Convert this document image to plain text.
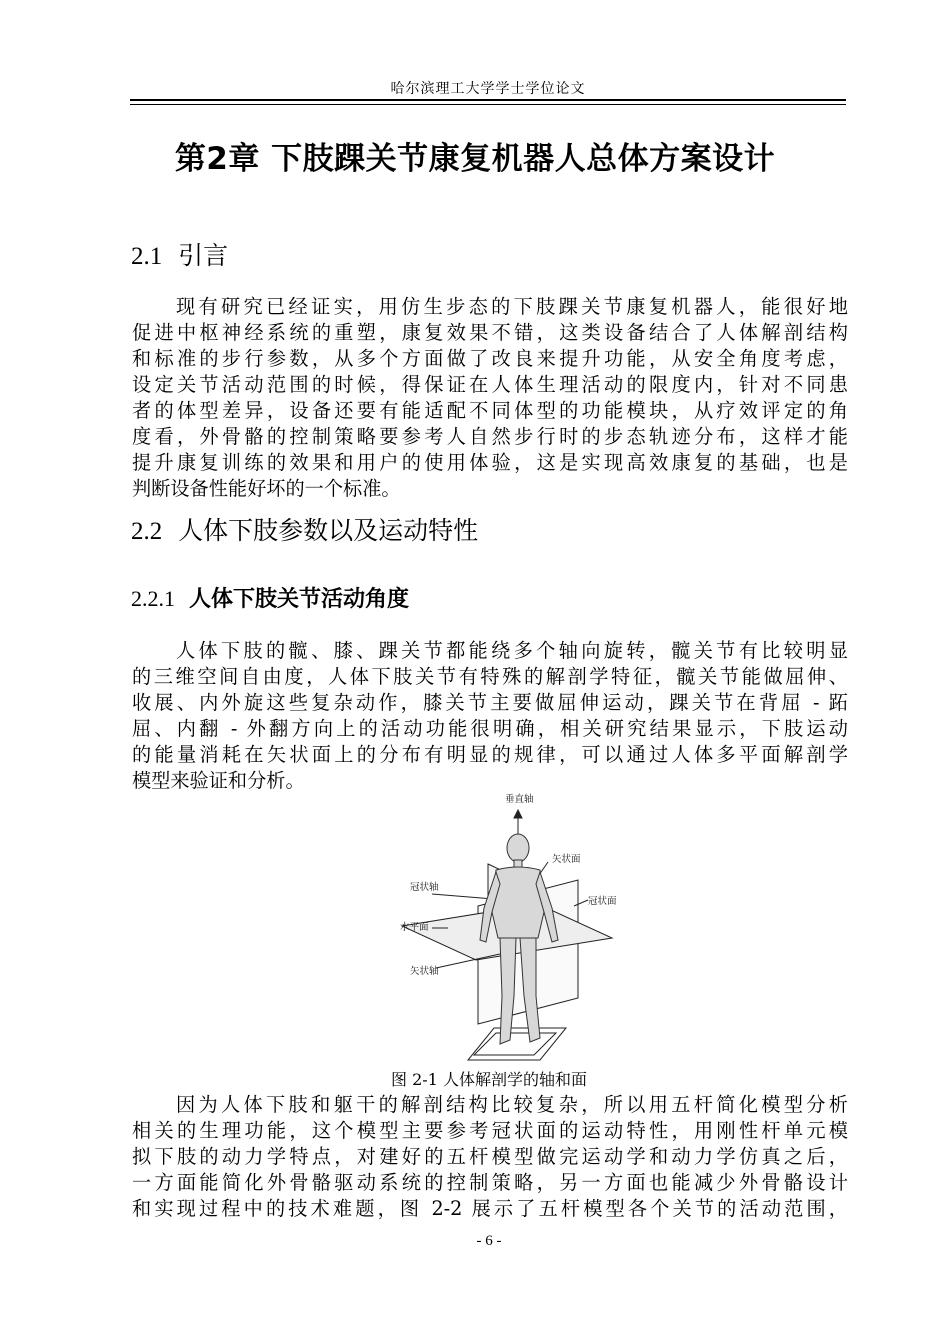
哈尔滨理工大学学士学位论文
第2章 下肢踝关节康复机器人总体方案设计
2.1 引言
现有研究已经证实，用仿生步态的下肢踝关节康复机器人，能很好地
促进中枢神经系统的重塑，康复效果不错，这类设备结合了人体解剖结构
和标准的步行参数，从多个方面做了改良来提升功能，从安全角度考虑，
设定关节活动范围的时候，得保证在人体生理活动的限度内，针对不同患
者的体型差异，设备还要有能适配不同体型的功能模块，从疗效评定的角
度看，外骨骼的控制策略要参考人自然步行时的步态轨迹分布，这样才能
提升康复训练的效果和用户的使用体验，这是实现高效康复的基础，也是
判断设备性能好坏的一个标准。
2.2 人体下肢参数以及运动特性
2.2.1 人体下肢关节活动角度
人体下肢的髋、膝、踝关节都能绕多个轴向旋转，髋关节有比较明显
的三维空间自由度，人体下肢关节有特殊的解剖学特征，髋关节能做屈伸、
收展、内外旋这些复杂动作，膝关节主要做屈伸运动，踝关节在背屈 - 跖
屈、内翻 - 外翻方向上的活动功能很明确，相关研究结果显示，下肢运动
的能量消耗在矢状面上的分布有明显的规律，可以通过人体多平面解剖学
模型来验证和分析。
垂直轴
矢状面
冠状轴
冠状面
水平面
矢状轴
图 2-1 人体解剖学的轴和面
因为人体下肢和躯干的解剖结构比较复杂，所以用五杆简化模型分析
相关的生理功能，这个模型主要参考冠状面的运动特性，用刚性杆单元模
拟下肢的动力学特点，对建好的五杆模型做完运动学和动力学仿真之后，
一方面能简化外骨骼驱动系统的控制策略，另一方面也能减少外骨骼设计
和实现过程中的技术难题，图 2-2 展示了五杆模型各个关节的活动范围，
- 6 -
